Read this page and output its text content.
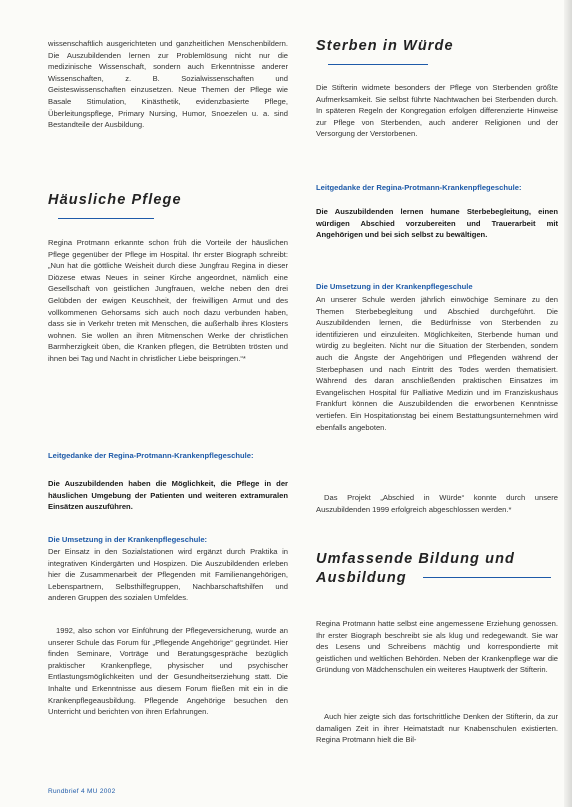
wissenschaftlich ausgerichteten und ganzheitlichen Menschenbildern. Die Auszubildenden lernen zur Problemlösung nicht nur die medizinische Wissenschaft, sondern auch Erkenntnisse anderer Wissenschaften, z. B. Sozialwissenschaften und Geisteswissenschaften einzusetzen. Neue Themen der Pflege wie Basale Stimulation, Kinästhetik, evidenzbasierte Pflege, Überleitungspflege, Primary Nursing, Humor, Snoezelen u. a. sind Bestandteile der Ausbildung.

Häusliche Pflege

Regina Protmann erkannte schon früh die Vorteile der häuslichen Pflege gegenüber der Pflege im Hospital. Ihr erster Biograph schreibt: „Nun hat die göttliche Weisheit durch diese Jungfrau Regina in dieser Diözese etwas Neues in seiner Kirche angeordnet, nämlich eine Gesellschaft von geistlichen Jungfrauen, welche neben den drei Gelübden der ewigen Keuschheit, der freiwilligen Armut und des vollkommenen Gehorsams sich auch noch dazu verbunden haben, dass sie in Verkehr treten mit Menschen, die außerhalb ihres Klosters wohnen. Sie wollen an ihren Mitmenschen Werke der christlichen Barmherzigkeit üben, die Kranken pflegen, die Betrübten trösten und ihnen bei Tag und Nacht in christlicher Liebe beispringen.“*

Leitgedanke der Regina-Protmann-Krankenpflegeschule:

Die Auszubildenden haben die Möglichkeit, die Pflege in der häuslichen Umgebung der Patienten und weiteren extramuralen Einsätzen auszuführen.

Die Umsetzung in der Krankenpflegeschule:

Der Einsatz in den Sozialstationen wird ergänzt durch Praktika in integrativen Kindergärten und Hospizen. Die Auszubildenden erleben hier die Zusammenarbeit der Pflegenden mit Familienangehörigen, Lebenspartnern, Selbsthilfegruppen, Nachbarschaftshilfen und anderen Gruppen des sozialen Umfeldes.

1992, also schon vor Einführung der Pflegeversicherung, wurde an unserer Schule das Forum für „Pflegende Angehörige“ gegründet. Hier finden Seminare, Vorträge und Beratungsgespräche bezüglich praktischer Krankenpflege, physischer und psychischer Entlastungsmöglichkeiten und der Gesundheitserziehung statt. Die Inhalte und Erkenntnisse aus diesem Forum fließen mit ein in die Krankenpflegeausbildung. Pflegende Angehörige besuchen den Unterricht und berichten von ihren Erfahrungen.

Sterben in Würde

Die Stifterin widmete besonders der Pflege von Sterbenden größte Aufmerksamkeit. Sie selbst führte Nachtwachen bei Sterbenden durch. In späteren Regeln der Kongregation erfolgen differenzierte Hinweise zur Pflege von Sterbenden, auch anderer Religionen und der Versorgung der Verstorbenen.

Leitgedanke der Regina-Protmann-Krankenpflegeschule:

Die Auszubildenden lernen humane Sterbebegleitung, einen würdigen Abschied vorzubereiten und Trauerarbeit mit Angehörigen und bei sich selbst zu bewältigen.

Die Umsetzung in der Krankenpflegeschule

An unserer Schule werden jährlich einwöchige Seminare zu den Themen Sterbebegleitung und Abschied durchgeführt. Die Auszubildenden lernen, die Bedürfnisse von Sterbenden zu identifizieren und einzuleiten. Möglichkeiten, Sterbende human und würdig zu begleiten. Nicht nur die Situation der Sterbenden, sondern auch die Ängste der Angehörigen und Pflegenden während der Sterbephasen und nach Eintritt des Todes werden thematisiert. Während des daran anschließenden praktischen Einsatzes im Evangelischen Hospital für Palliative Medizin und im Franziskushaus Frankfurt können die Auszubildenden die erworbenen Kenntnisse vertiefen. Ein Hospitationstag bei einem Bestattungsunternehmen wird ebenfalls angeboten.

Das Projekt „Abschied in Würde“ konnte durch unsere Auszubildenden 1999 erfolgreich abgeschlossen werden.*

Umfassende Bildung und
Ausbildung

Regina Protmann hatte selbst eine angemessene Erziehung genossen. Ihr erster Biograph beschreibt sie als klug und redegewandt. Sie war des Lesens und Schreibens mächtig und korrespondierte mit geistlichen und weltlichen Behörden. Neben der Krankenpflege war die Gründung von Mädchenschulen ein weiteres Hauptwerk der Stifterin.

Auch hier zeigte sich das fortschrittliche Denken der Stifterin, da zur damaligen Zeit in ihrer Heimatstadt nur Knabenschulen existierten. Regina Protmann hielt die Bil-

Rundbrief 4 MU 2002
